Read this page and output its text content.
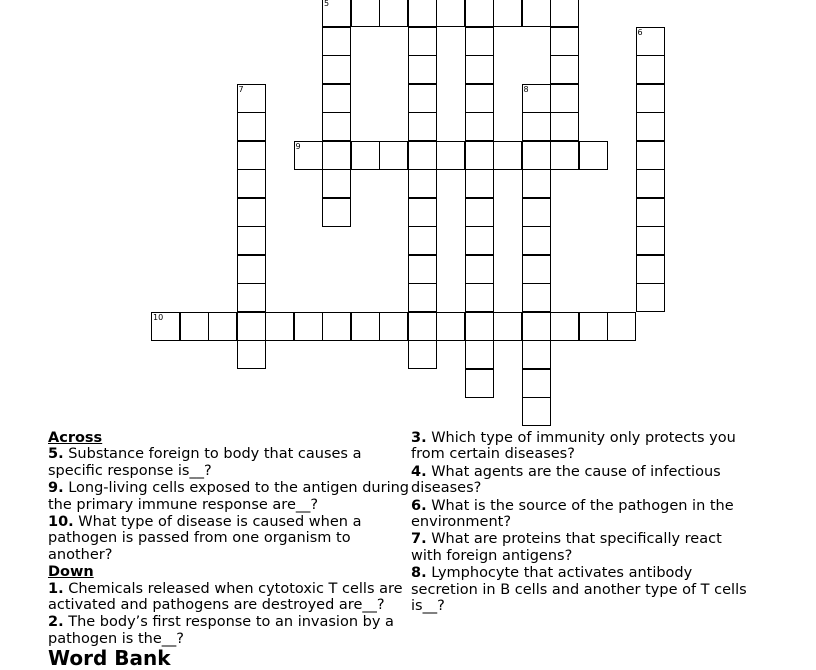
5
9
10
6
7	8
Across
5. Substance foreign to body that causes a specific response is__?
9. Long-living cells exposed to the antigen during the primary immune response are__?
10. What type of disease is caused when a pathogen is passed from one organism to another?
Down
1. Chemicals released when cytotoxic T cells are activated and pathogens are destroyed are__?
2. The body’s first response to an invasion by a pathogen is the__?
3. Which type of immunity only protects you from certain diseases?
4. What agents are the cause of infectious diseases?
6. What is the source of the pathogen in the environment?
7. What are proteins that specifically react with foreign antigens?
8. Lymphocyte that activates antibody secretion in B cells and another type of T cells is__?
Word Bank
